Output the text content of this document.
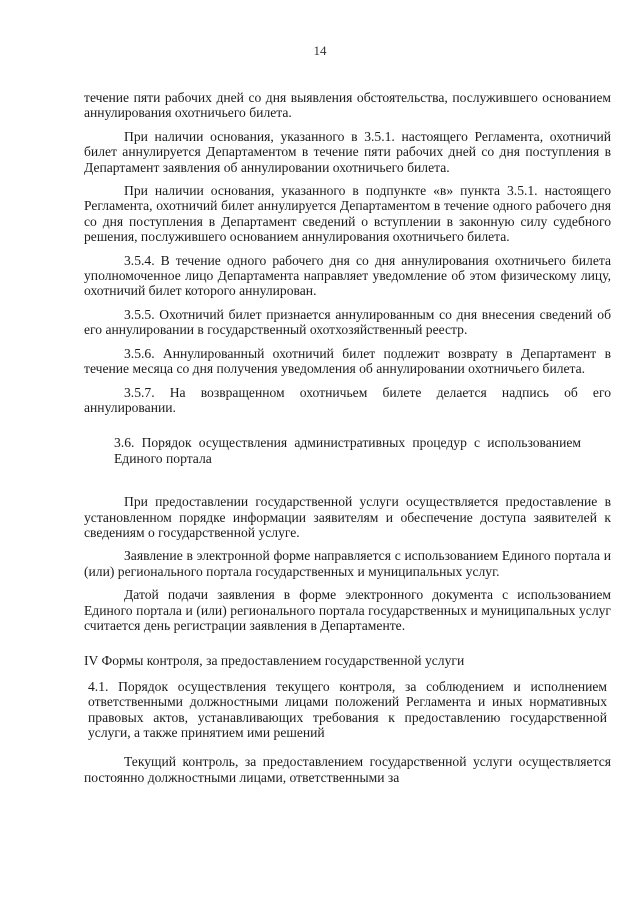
14

течение пяти рабочих дней со дня выявления обстоятельства, послужившего основанием аннулирования охотничьего билета.

При наличии основания, указанного в 3.5.1. настоящего Регламента, охотничий билет аннулируется Департаментом в течение пяти рабочих дней со дня поступления в Департамент заявления об аннулировании охотничьего билета.

При наличии основания, указанного в подпункте «в» пункта 3.5.1. настоящего Регламента, охотничий билет аннулируется Департаментом в течение одного рабочего дня со дня поступления в Департамент сведений о вступлении в законную силу судебного решения, послужившего основанием аннулирования охотничьего билета.

3.5.4. В течение одного рабочего дня со дня аннулирования охотничьего билета уполномоченное лицо Департамента направляет уведомление об этом физическому лицу, охотничий билет которого аннулирован.

3.5.5. Охотничий билет признается аннулированным со дня внесения сведений об его аннулировании в государственный охотхозяйственный реестр.

3.5.6. Аннулированный охотничий билет подлежит возврату в Департамент в течение месяца со дня получения уведомления об аннулировании охотничьего билета.

3.5.7. На возвращенном охотничьем билете делается надпись об его аннулировании.

3.6. Порядок осуществления административных процедур с использованием Единого портала

При предоставлении государственной услуги осуществляется предоставление в установленном порядке информации заявителям и обеспечение доступа заявителей к сведениям о государственной услуге.

Заявление в электронной форме направляется с использованием Единого портала и (или) регионального портала государственных и муниципальных услуг.

Датой подачи заявления в форме электронного документа с использованием Единого портала и (или) регионального портала государственных и муниципальных услуг считается день регистрации заявления в Департаменте.

IV Формы контроля, за предоставлением государственной услуги

4.1. Порядок осуществления текущего контроля, за соблюдением и исполнением ответственными должностными лицами положений Регламента и иных нормативных правовых актов, устанавливающих требования к предоставлению государственной услуги, а также принятием ими решений

Текущий контроль, за предоставлением государственной услуги осуществляется постоянно должностными лицами, ответственными за
